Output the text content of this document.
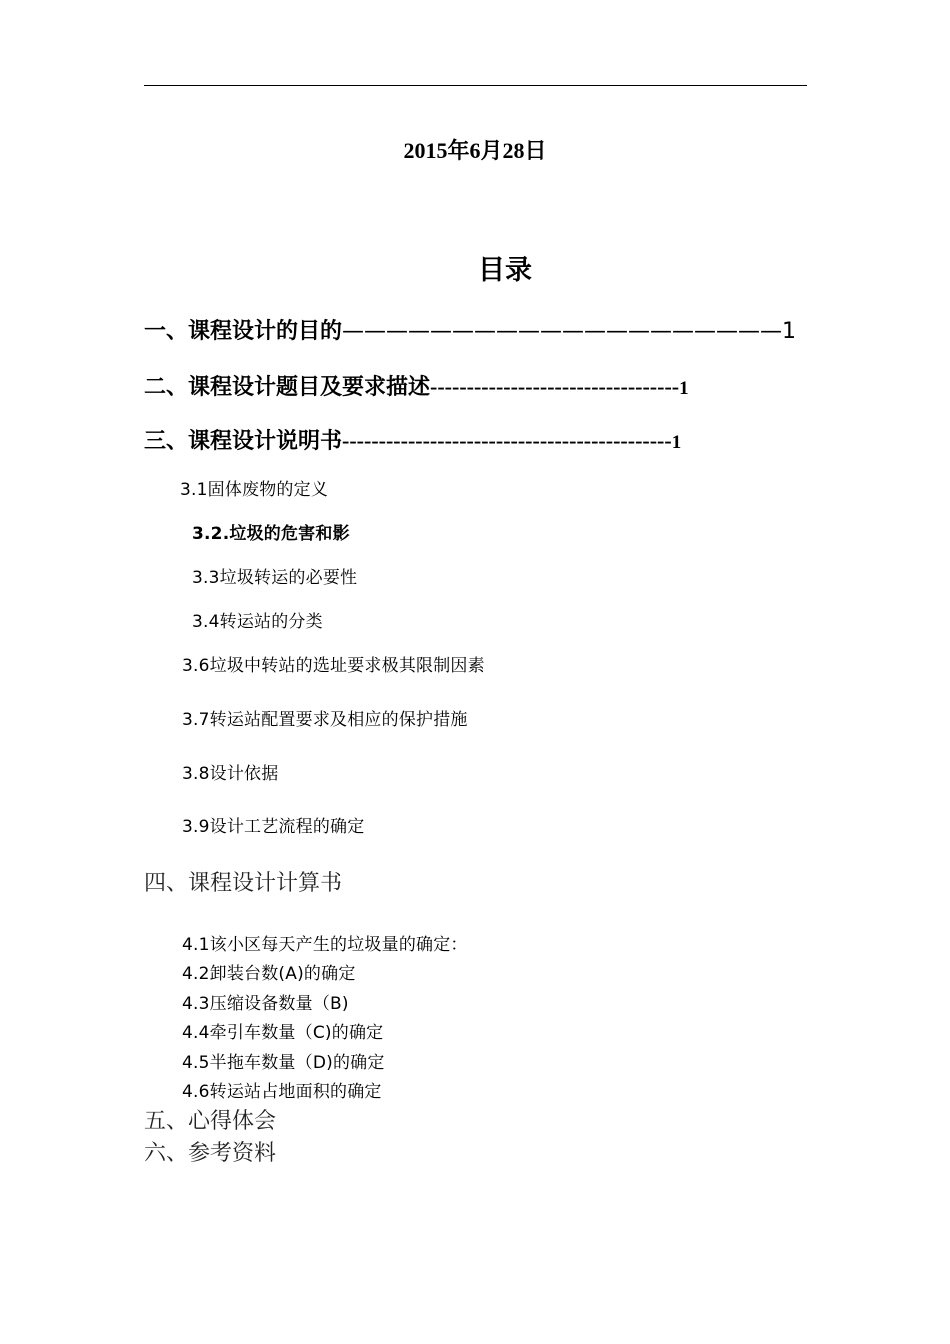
2015年6月28日
目录
一、课程设计的目的————————————————————1
二、课程设计题目及要求描述----------------------------------1
三、课程设计说明书---------------------------------------------1
3.1固体废物的定义
3.2.垃圾的危害和影
3.3垃圾转运的必要性
3.4转运站的分类
3.6垃圾中转站的选址要求极其限制因素
3.7转运站配置要求及相应的保护措施
3.8设计依据
3.9设计工艺流程的确定
四、课程设计计算书
4.1该小区每天产生的垃圾量的确定：
4.2卸装台数(A)的确定
4.3压缩设备数量（B)
4.4牵引车数量（C)的确定
4.5半拖车数量（D)的确定
4.6转运站占地面积的确定
五、心得体会
六、参考资料
